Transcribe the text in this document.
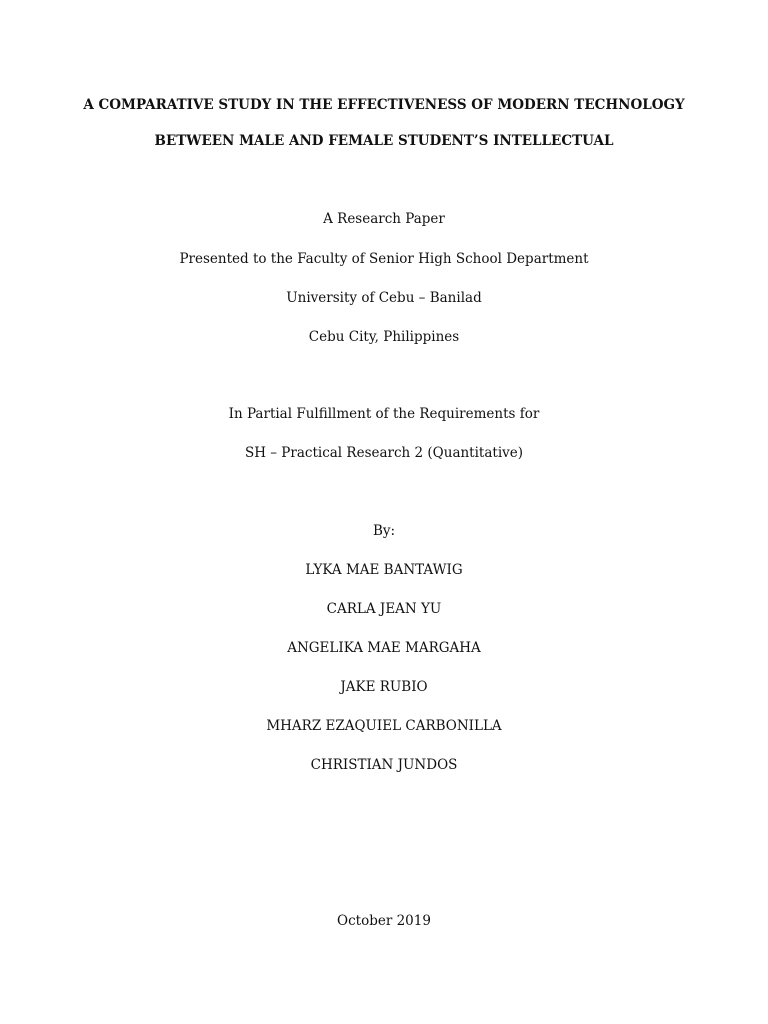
A COMPARATIVE STUDY IN THE EFFECTIVENESS OF MODERN TECHNOLOGY
BETWEEN MALE AND FEMALE STUDENT’S INTELLECTUAL
A Research Paper
Presented to the Faculty of Senior High School Department
University of Cebu – Banilad
Cebu City, Philippines
In Partial Fulfillment of the Requirements for
SH – Practical Research 2 (Quantitative)
By:
LYKA MAE BANTAWIG
CARLA JEAN YU
ANGELIKA MAE MARGAHA
JAKE RUBIO
MHARZ EZAQUIEL CARBONILLA
CHRISTIAN JUNDOS
October 2019
